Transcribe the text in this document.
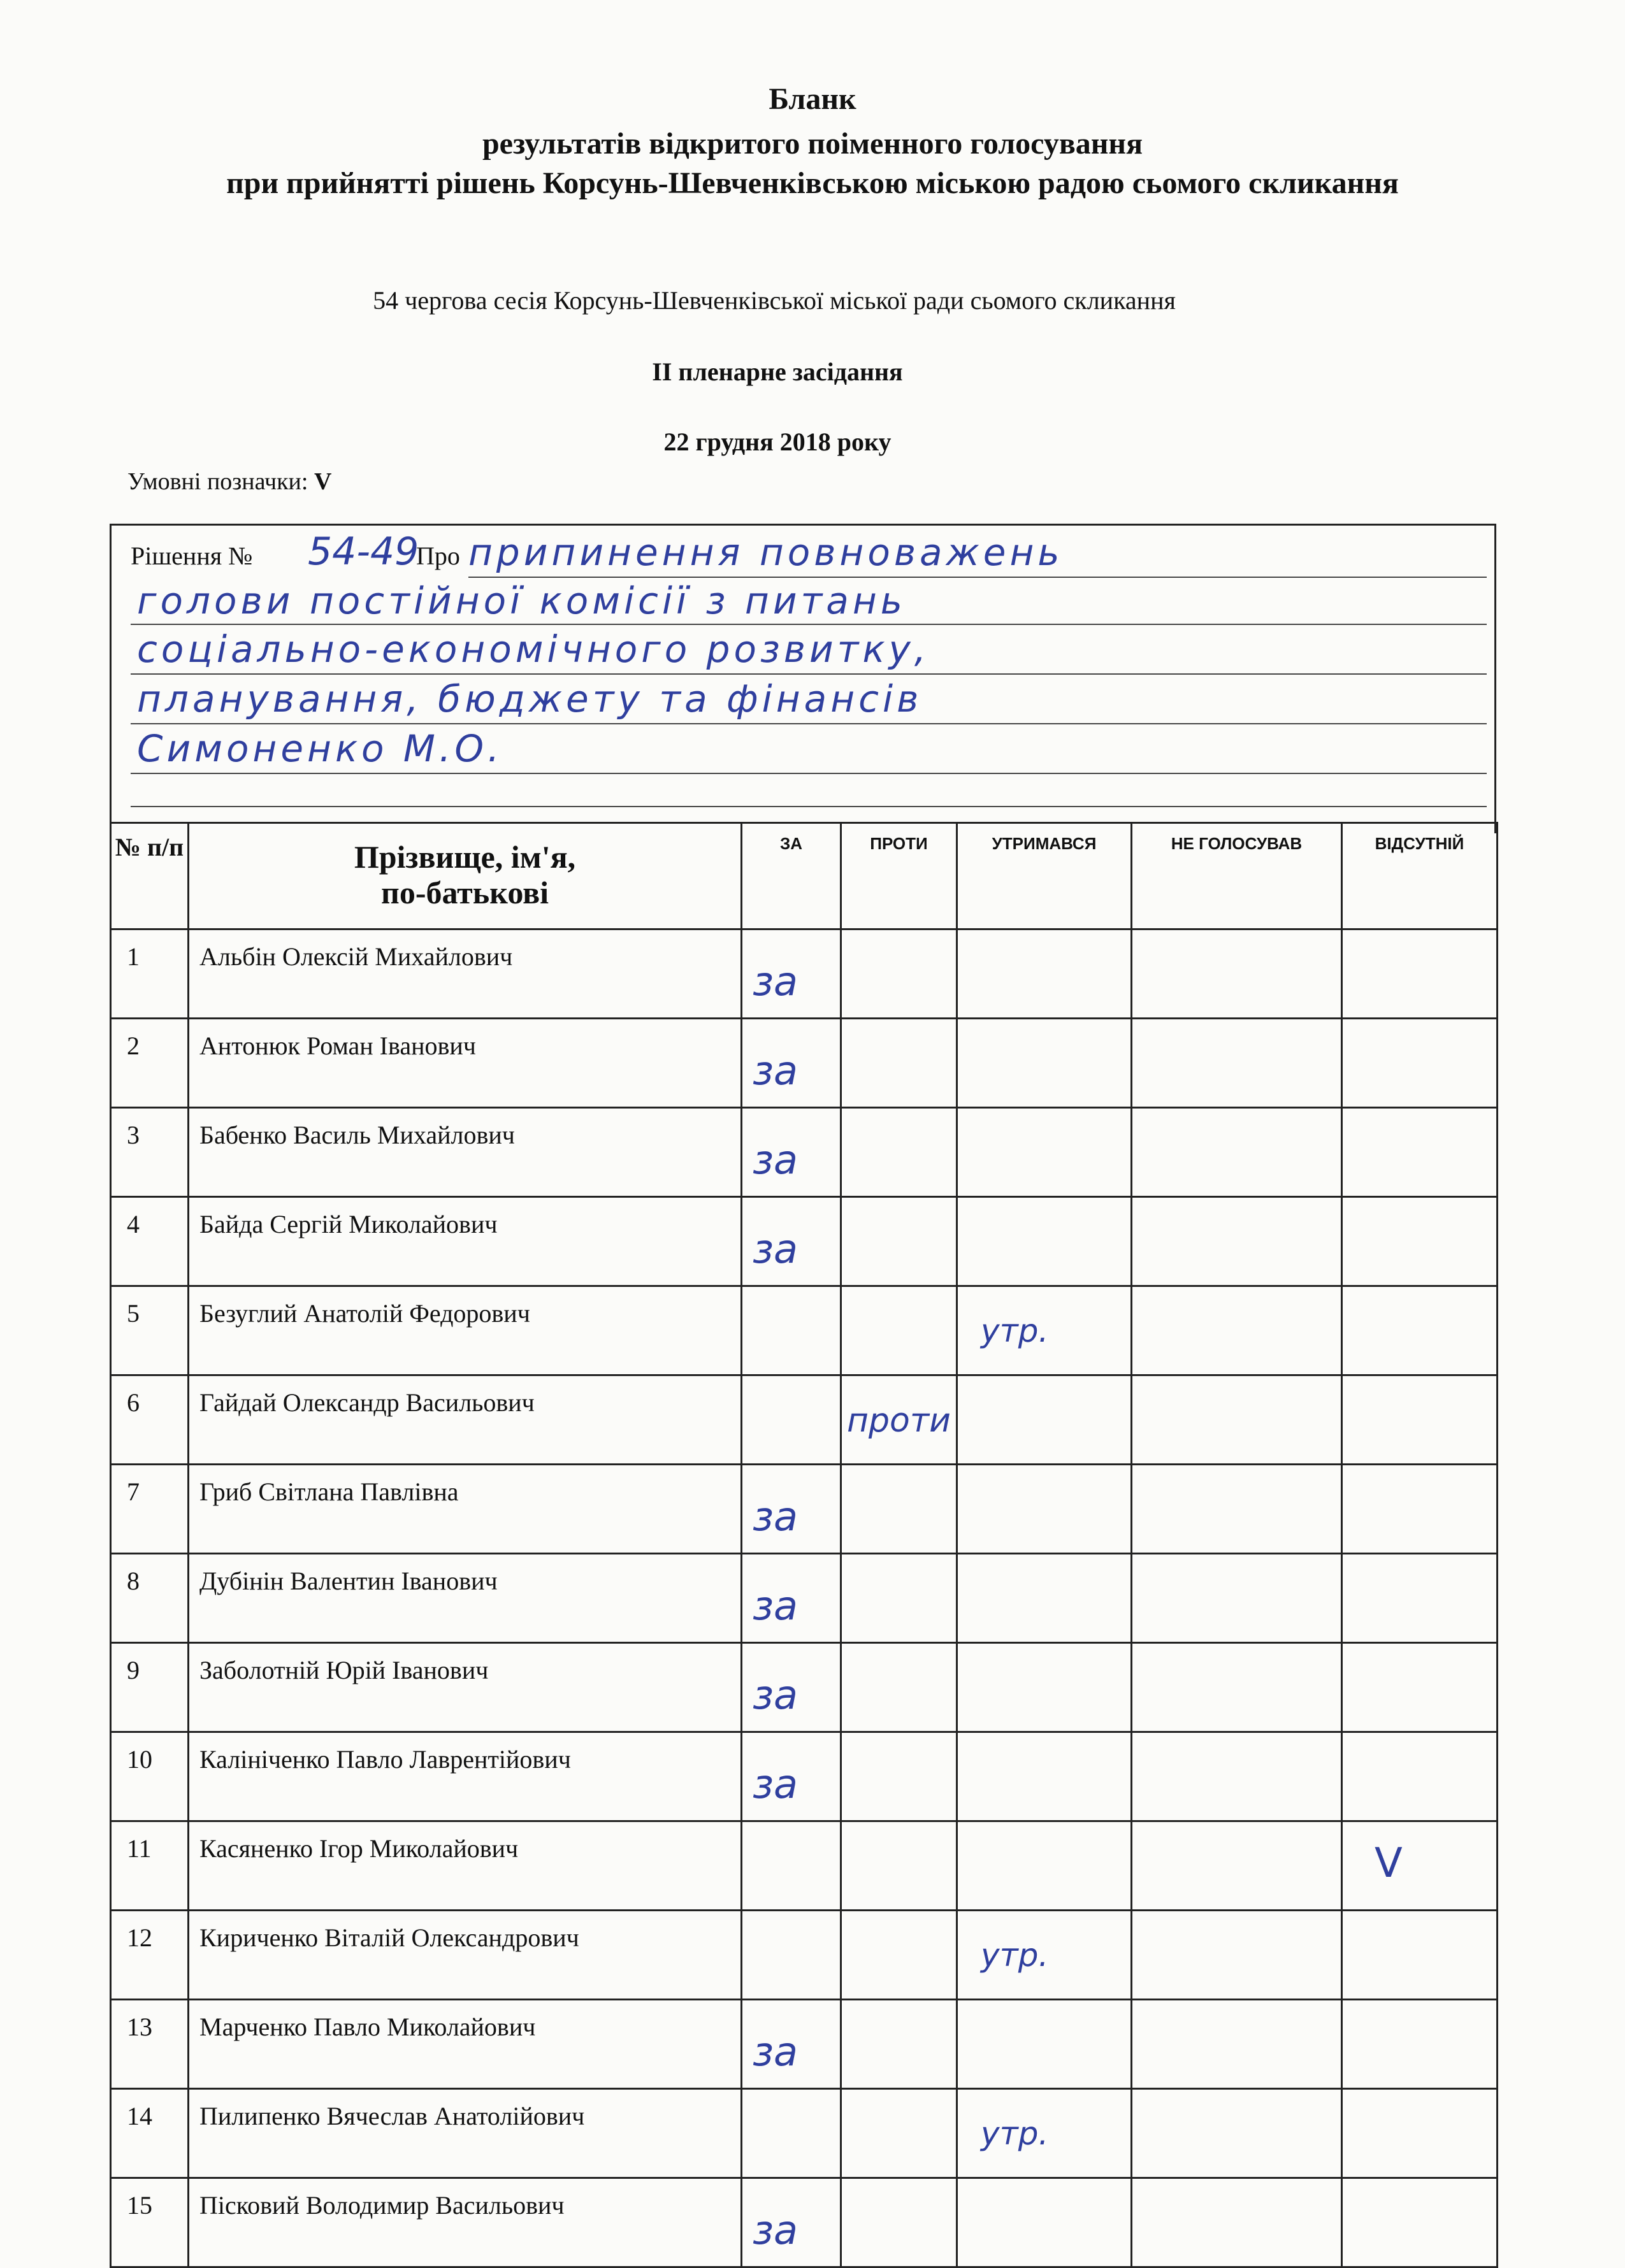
Бланк
результатів відкритого поіменного голосування
при прийнятті рішень Корсунь-Шевченківською міською радою сьомого скликання
54 чергова сесія Корсунь-Шевченківської міської ради сьомого скликання
II пленарне засідання
22 грудня 2018 року
Умовні позначки: V
Рішення № 54-49
Про припинення повноважень
голови постійної комісії з питань
соціально-економічного розвитку,
планування, бюджету та фінансів
Симоненко М.О.
№ п/п	Прізвище, ім'я,
по-батькові	ЗА	ПРОТИ	УТРИМАВСЯ	НЕ ГОЛОСУВАВ	ВІДСУТНІЙ
1	Альбін Олексій Михайлович	за				

2	Антонюк Роман Іванович	за				

3	Бабенко Василь Михайлович	за				

4	Байда Сергій Миколайович	за				

5	Безуглий Анатолій Федорович			утр.		

6	Гайдай Олександр Васильович		проти			

7	Гриб Світлана Павлівна	за				

8	Дубінін Валентин Іванович	за				

9	Заболотній Юрій Іванович	за				

10	Калініченко Павло Лаврентійович	за				

11	Касяненко Ігор Миколайович					V

12	Кириченко Віталій Олександрович			утр.		

13	Марченко Павло Миколайович	за				

14	Пилипенко Вячеслав Анатолійович			утр.		

15	Пісковий Володимир Васильович	за				
